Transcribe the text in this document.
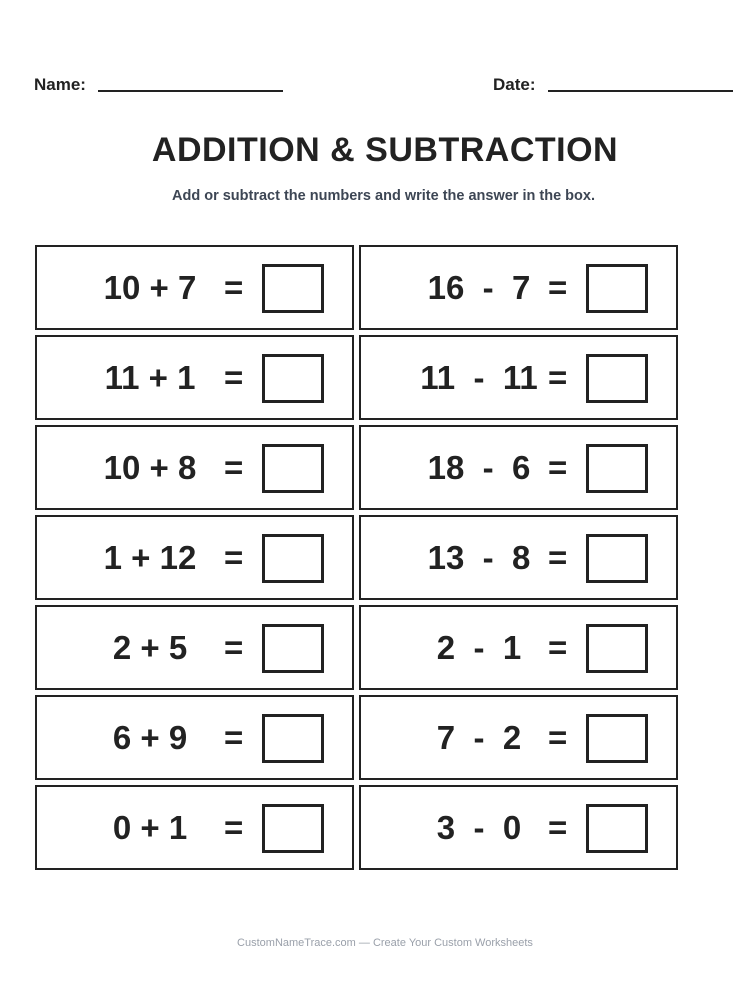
Name:	Date:
ADDITION & SUBTRACTION
Add or subtract the numbers and write the answer in the box.
10 + 7 =
11 + 1 =
10 + 8 =
1 + 12 =
2 + 5	=
6 + 9	=
0 + 1	=
16 - 7 =
11 - 11 =
18 - 6 =
13 - 8 =
2 - 1 =
7 - 2 =
3 - 0 =
CustomNameTrace.com — Create Your Custom Worksheets
